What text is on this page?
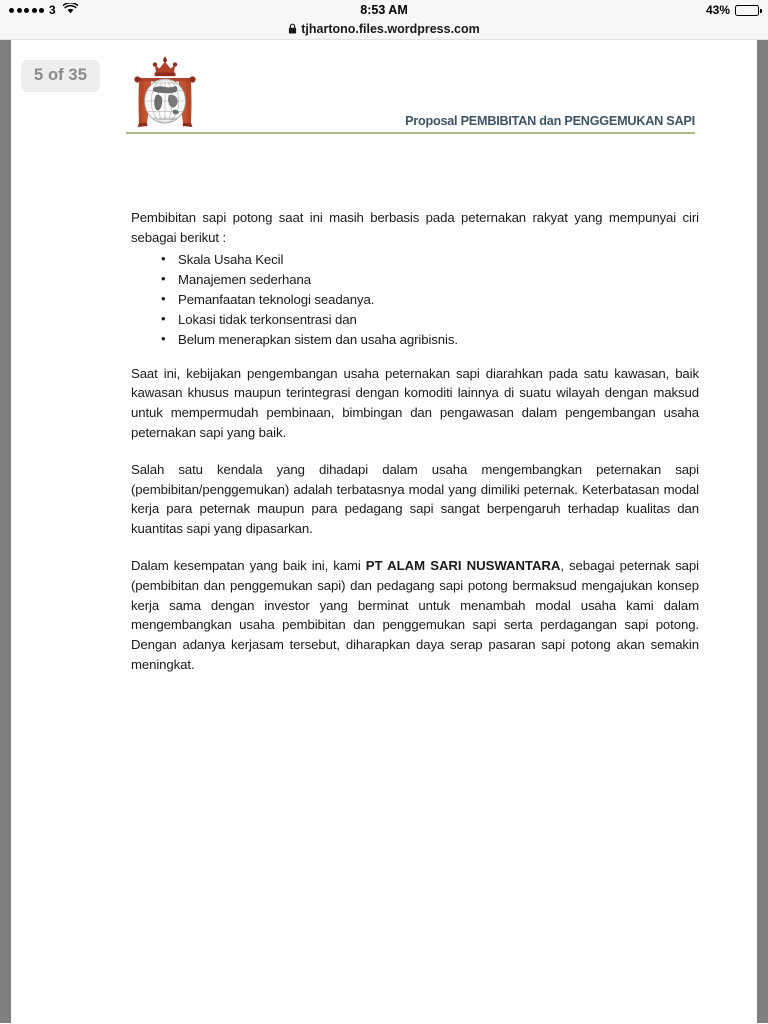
3	8:53 AM	43%
tjhartono.files.wordpress.com
5 of 35
PT ALAM SARI	Proposal PEMBIBITAN dan PENGGEMUKAN SAPI

Pembibitan sapi potong saat ini masih berbasis pada peternakan rakyat yang mempunyai ciri sebagai berikut :

• Skala Usaha Kecil
• Manajemen sederhana
• Pemanfaatan teknologi seadanya.
• Lokasi tidak terkonsentrasi dan
• Belum menerapkan sistem dan usaha agribisnis.

Saat ini, kebijakan pengembangan usaha peternakan sapi diarahkan pada satu kawasan, baik kawasan khusus maupun terintegrasi dengan komoditi lainnya di suatu wilayah dengan maksud untuk mempermudah pembinaan, bimbingan dan pengawasan dalam pengembangan usaha peternakan sapi yang baik.

Salah satu kendala yang dihadapi dalam usaha mengembangkan peternakan sapi (pembibitan/penggemukan) adalah terbatasnya modal yang dimiliki peternak. Keterbatasan modal kerja para peternak maupun para pedagang sapi sangat berpengaruh terhadap kualitas dan kuantitas sapi yang dipasarkan.

Dalam kesempatan yang baik ini, kami PT ALAM SARI NUSWANTARA, sebagai peternak sapi (pembibitan dan penggemukan sapi) dan pedagang sapi potong bermaksud mengajukan konsep kerja sama dengan investor yang berminat untuk menambah modal usaha kami dalam mengembangkan usaha pembibitan dan penggemukan sapi serta perdagangan sapi potong. Dengan adanya kerjasam tersebut, diharapkan daya serap pasaran sapi potong akan semakin meningkat.
